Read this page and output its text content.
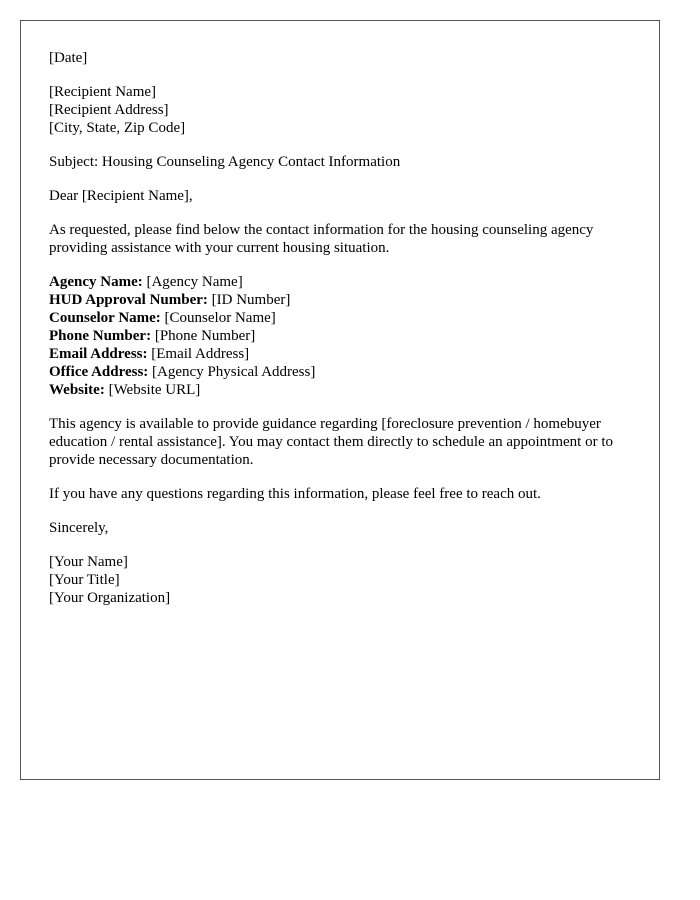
[Date]
[Recipient Name]
[Recipient Address]
[City, State, Zip Code]
Subject: Housing Counseling Agency Contact Information
Dear [Recipient Name],
As requested, please find below the contact information for the housing counseling agency providing assistance with your current housing situation.
Agency Name: [Agency Name]
HUD Approval Number: [ID Number]
Counselor Name: [Counselor Name]
Phone Number: [Phone Number]
Email Address: [Email Address]
Office Address: [Agency Physical Address]
Website: [Website URL]
This agency is available to provide guidance regarding [foreclosure prevention / homebuyer education / rental assistance]. You may contact them directly to schedule an appointment or to provide necessary documentation.
If you have any questions regarding this information, please feel free to reach out.
Sincerely,
[Your Name]
[Your Title]
[Your Organization]
